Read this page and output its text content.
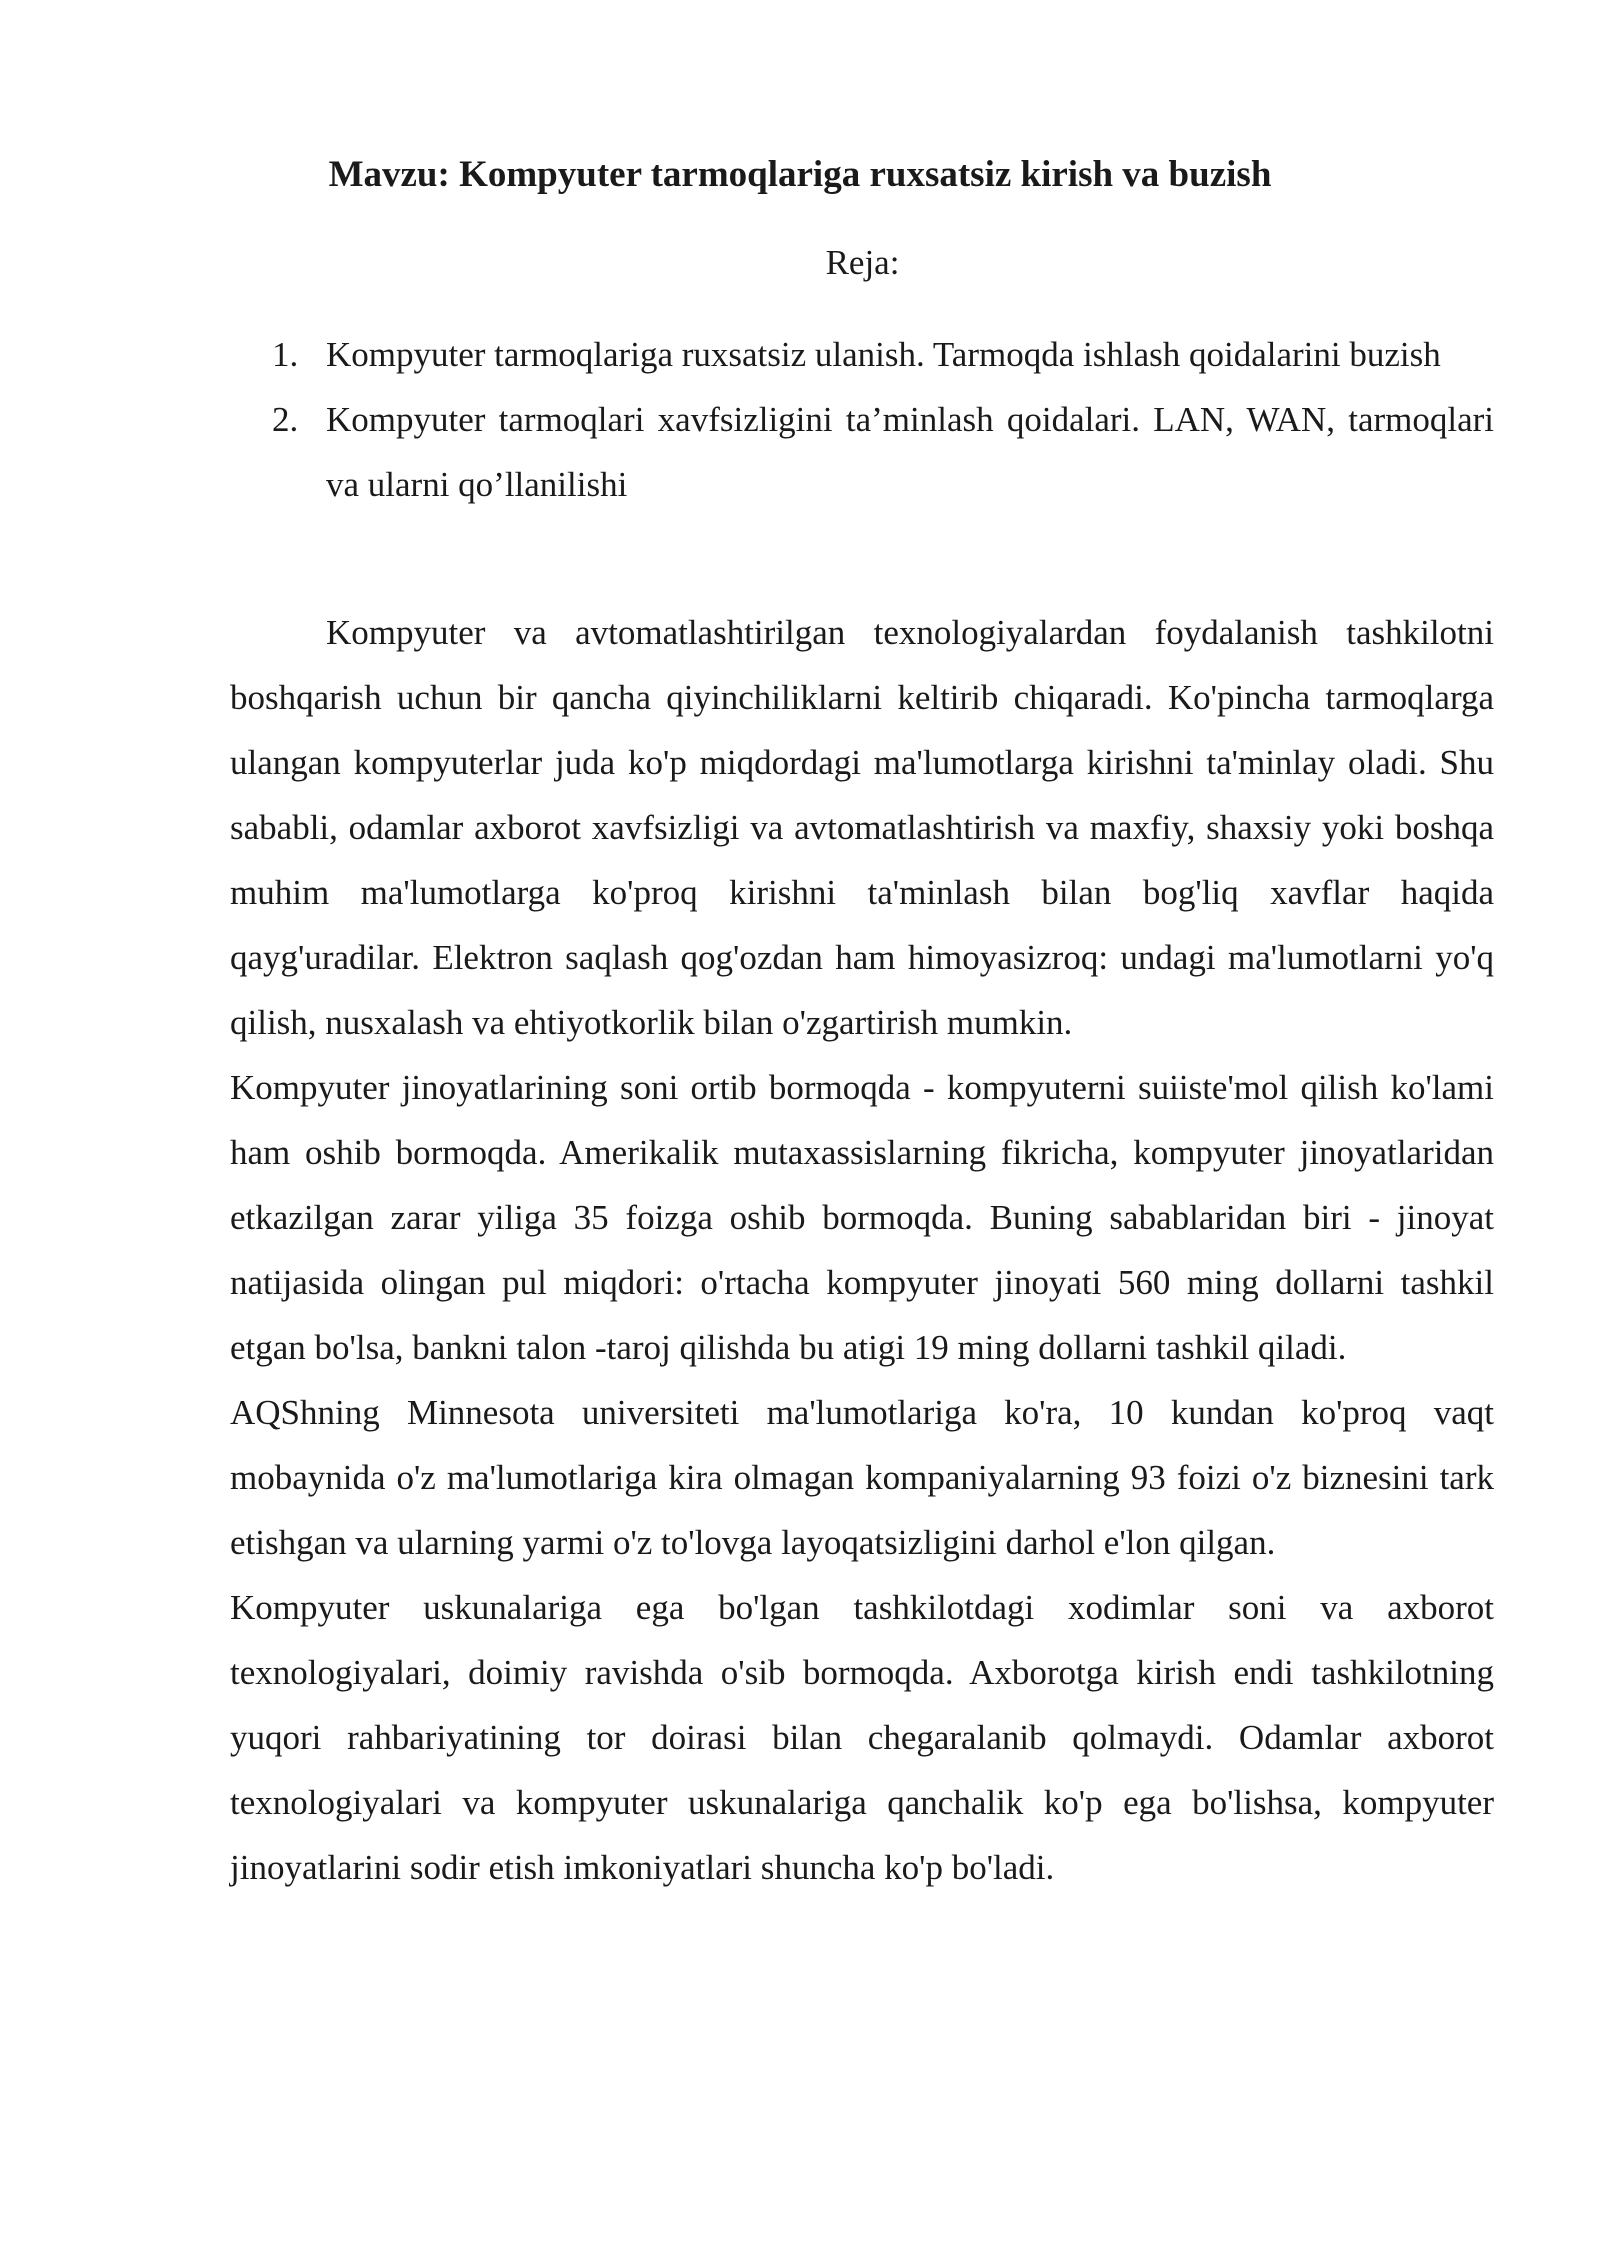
Mavzu: Kompyuter tarmoqlariga ruxsatsiz kirish va buzish

Reja:

1. Kompyuter tarmoqlariga ruxsatsiz ulanish. Tarmoqda ishlash qoidalarini buzish
2. Kompyuter tarmoqlari xavfsizligini ta’minlash qoidalari. LAN, WAN, tarmoqlari va ularni qo’llanilishi

Kompyuter va avtomatlashtirilgan texnologiyalardan foydalanish tashkilotni boshqarish uchun bir qancha qiyinchiliklarni keltirib chiqaradi. Ko'pincha tarmoqlarga ulangan kompyuterlar juda ko'p miqdordagi ma'lumotlarga kirishni ta'minlay oladi. Shu sababli, odamlar axborot xavfsizligi va avtomatlashtirish va maxfiy, shaxsiy yoki boshqa muhim ma'lumotlarga ko'proq kirishni ta'minlash bilan bog'liq xavflar haqida qayg'uradilar. Elektron saqlash qog'ozdan ham himoyasizroq: undagi ma'lumotlarni yo'q qilish, nusxalash va ehtiyotkorlik bilan o'zgartirish mumkin.

Kompyuter jinoyatlarining soni ortib bormoqda - kompyuterni suiiste'mol qilish ko'lami ham oshib bormoqda. Amerikalik mutaxassislarning fikricha, kompyuter jinoyatlaridan etkazilgan zarar yiliga 35 foizga oshib bormoqda. Buning sabablaridan biri - jinoyat natijasida olingan pul miqdori: o'rtacha kompyuter jinoyati 560 ming dollarni tashkil etgan bo'lsa, bankni talon -taroj qilishda bu atigi 19 ming dollarni tashkil qiladi.

AQShning Minnesota universiteti ma'lumotlariga ko'ra, 10 kundan ko'proq vaqt mobaynida o'z ma'lumotlariga kira olmagan kompaniyalarning 93 foizi o'z biznesini tark etishgan va ularning yarmi o'z to'lovga layoqatsizligini darhol e'lon qilgan.

Kompyuter uskunalariga ega bo'lgan tashkilotdagi xodimlar soni va axborot texnologiyalari, doimiy ravishda o'sib bormoqda. Axborotga kirish endi tashkilotning yuqori rahbariyatining tor doirasi bilan chegaralanib qolmaydi. Odamlar axborot texnologiyalari va kompyuter uskunalariga qanchalik ko'p ega bo'lishsa, kompyuter jinoyatlarini sodir etish imkoniyatlari shuncha ko'p bo'ladi.
